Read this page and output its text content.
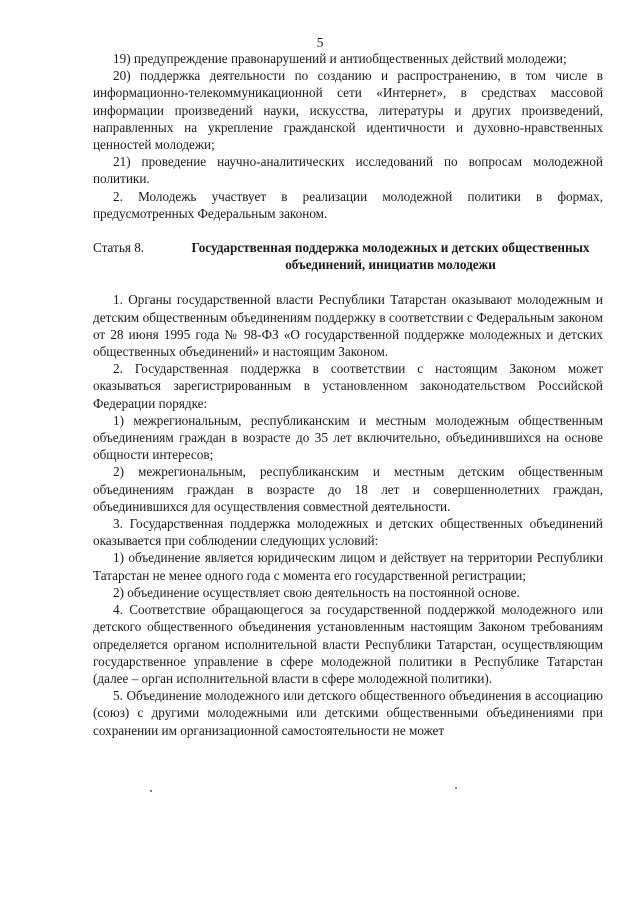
5

19) предупреждение правонарушений и антиобщественных действий молодежи;

20) поддержка деятельности по созданию и распространению, в том числе в информационно-телекоммуникационной сети «Интернет», в средствах массовой информации произведений науки, искусства, литературы и других произведений, направленных на укрепление гражданской идентичности и духовно-нравственных ценностей молодежи;

21) проведение научно-аналитических исследований по вопросам молодежной политики.

2. Молодежь участвует в реализации молодежной политики в формах, предусмотренных Федеральным законом.

Статья 8.	Государственная поддержка молодежных и детских общественных объединений, инициатив молодежи

1. Органы государственной власти Республики Татарстан оказывают молодежным и детским общественным объединениям поддержку в соответствии с Федеральным законом от 28 июня 1995 года № 98-ФЗ «О государственной поддержке молодежных и детских общественных объединений» и настоящим Законом.

2. Государственная поддержка в соответствии с настоящим Законом может оказываться зарегистрированным в установленном законодательством Российской Федерации порядке:

1) межрегиональным, республиканским и местным молодежным общественным объединениям граждан в возрасте до 35 лет включительно, объединившихся на основе общности интересов;

2) межрегиональным, республиканским и местным детским общественным объединениям граждан в возрасте до 18 лет и совершеннолетних граждан, объединившихся для осуществления совместной деятельности.

3. Государственная поддержка молодежных и детских общественных объединений оказывается при соблюдении следующих условий:

1) объединение является юридическим лицом и действует на территории Республики Татарстан не менее одного года с момента его государственной регистрации;

2) объединение осуществляет свою деятельность на постоянной основе.

4. Соответствие обращающегося за государственной поддержкой молодежного или детского общественного объединения установленным настоящим Законом требованиям определяется органом исполнительной власти Республики Татарстан, осуществляющим государственное управление в сфере молодежной политики в Республике Татарстан (далее – орган исполнительной власти в сфере молодежной политики).

5. Объединение молодежного или детского общественного объединения в ассоциацию (союз) с другими молодежными или детскими общественными объединениями при сохранении им организационной самостоятельности не может
